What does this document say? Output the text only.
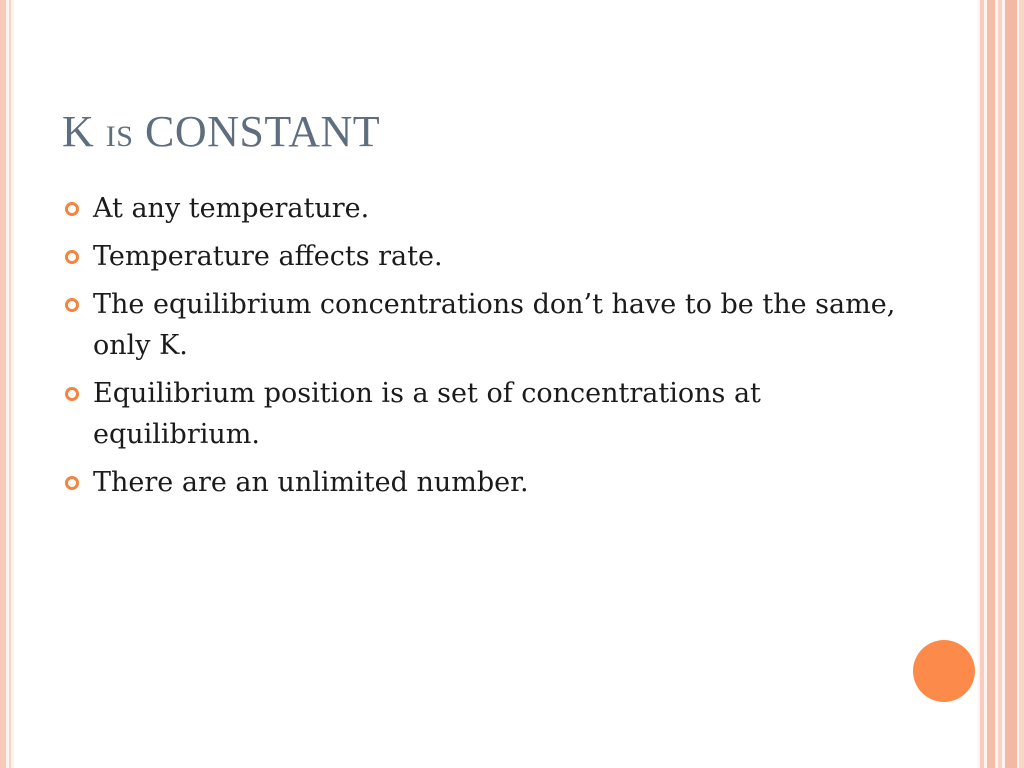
K IS CONSTANT
At any temperature.
Temperature affects rate.
The equilibrium concentrations don’t have to be the same, only K.
Equilibrium position is a set of concentrations at equilibrium.
There are an unlimited number.
